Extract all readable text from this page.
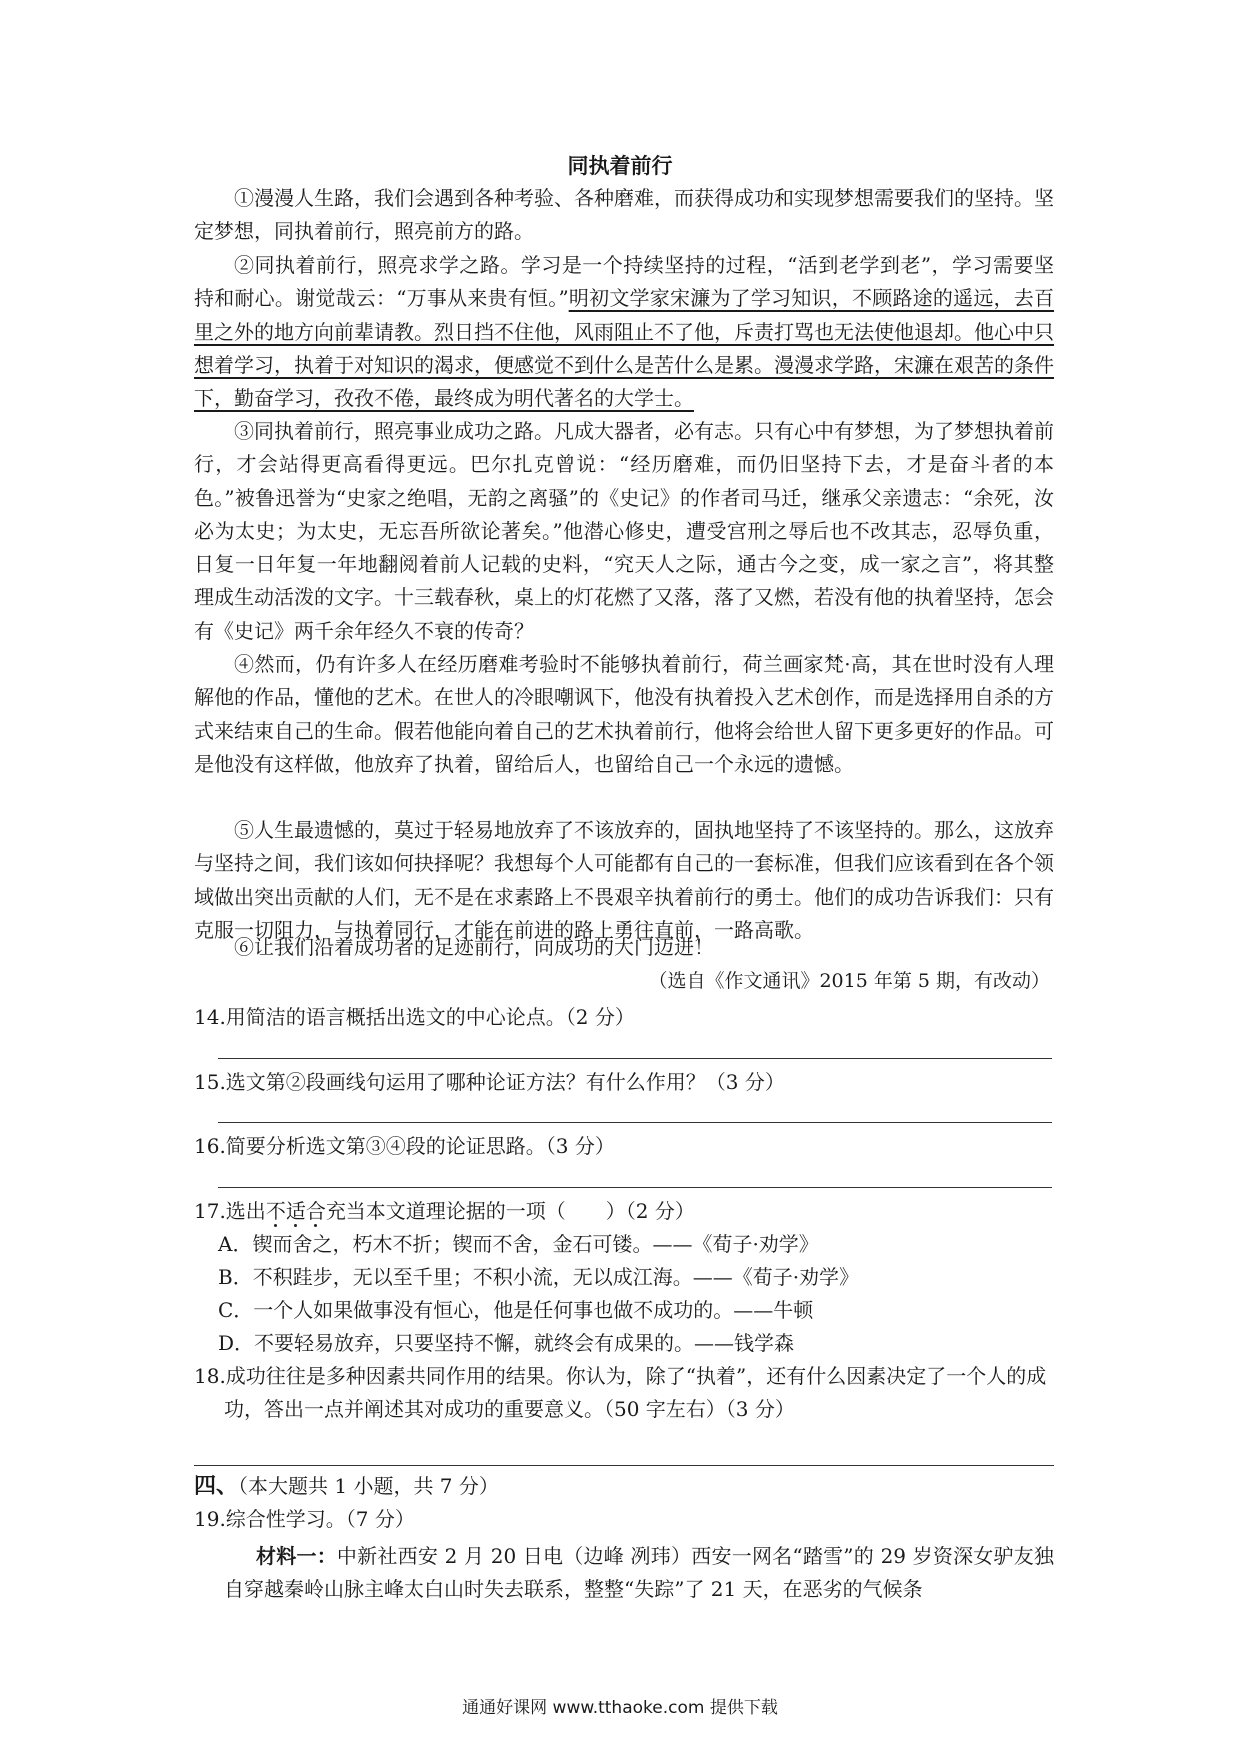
同执着前行

①漫漫人生路，我们会遇到各种考验、各种磨难，而获得成功和实现梦想需要我们的坚持。坚定梦想，同执着前行，照亮前方的路。

②同执着前行，照亮求学之路。学习是一个持续坚持的过程，“活到老学到老”，学习需要坚持和耐心。谢觉哉云：“万事从来贵有恒。”明初文学家宋濂为了学习知识，不顾路途的遥远，去百里之外的地方向前辈请教。烈日挡不住他，风雨阻止不了他，斥责打骂也无法使他退却。他心中只想着学习，执着于对知识的渴求，便感觉不到什么是苦什么是累。漫漫求学路，宋濂在艰苦的条件下，勤奋学习，孜孜不倦，最终成为明代著名的大学士。

③同执着前行，照亮事业成功之路。凡成大器者，必有志。只有心中有梦想，为了梦想执着前行，才会站得更高看得更远。巴尔扎克曾说：“经历磨难，而仍旧坚持下去，才是奋斗者的本色。”被鲁迅誉为“史家之绝唱，无韵之离骚”的《史记》的作者司马迁，继承父亲遗志：“余死，汝必为太史；为太史，无忘吾所欲论著矣。”他潜心修史，遭受宫刑之辱后也不改其志，忍辱负重，日复一日年复一年地翻阅着前人记载的史料，“究天人之际，通古今之变，成一家之言”，将其整理成生动活泼的文字。十三载春秋，桌上的灯花燃了又落，落了又燃，若没有他的执着坚持，怎会有《史记》两千余年经久不衰的传奇？

④然而，仍有许多人在经历磨难考验时不能够执着前行，荷兰画家梵·高，其在世时没有人理解他的作品，懂他的艺术。在世人的冷眼嘲讽下，他没有执着投入艺术创作，而是选择用自杀的方式来结束自己的生命。假若他能向着自己的艺术执着前行，他将会给世人留下更多更好的作品。可是他没有这样做，他放弃了执着，留给后人，也留给自己一个永远的遗憾。

⑤人生最遗憾的，莫过于轻易地放弃了不该放弃的，固执地坚持了不该坚持的。那么，这放弃与坚持之间，我们该如何抉择呢？我想每个人可能都有自己的一套标准，但我们应该看到在各个领域做出突出贡献的人们，无不是在求素路上不畏艰辛执着前行的勇士。他们的成功告诉我们：只有克服一切阻力，与执着同行，才能在前进的路上勇往直前，一路高歌。

⑥让我们沿着成功者的足迹前行，向成功的大门迈进！

（选自《作文通讯》2015 年第 5 期，有改动）

14.用简洁的语言概括出选文的中心论点。（2 分）

15.选文第②段画线句运用了哪种论证方法？有什么作用？（3 分）

16.简要分析选文第③④段的论证思路。（3 分）

17.选出不适合充当本文道理论据的一项（　　）（2 分）

A．锲而舍之，朽木不折；锲而不舍，金石可镂。——《荀子·劝学》
B．不积跬步，无以至千里；不积小流，无以成江海。——《荀子·劝学》
C．一个人如果做事没有恒心，他是任何事也做不成功的。——牛顿
D．不要轻易放弃，只要坚持不懈，就终会有成果的。——钱学森

18.成功往往是多种因素共同作用的结果。你认为，除了“执着”，还有什么因素决定了一个人的成功，答出一点并阐述其对成功的重要意义。（50 字左右）（3 分）

四、（本大题共 1 小题，共 7 分）

19.综合性学习。（7 分）

材料一：中新社西安 2 月 20 日电（边峰 冽玮）西安一网名“踏雪”的 29 岁资深女驴友独自穿越秦岭山脉主峰太白山时失去联系，整整“失踪”了 21 天，在恶劣的气候条

通通好课网 www.tthaoke.com 提供下载
